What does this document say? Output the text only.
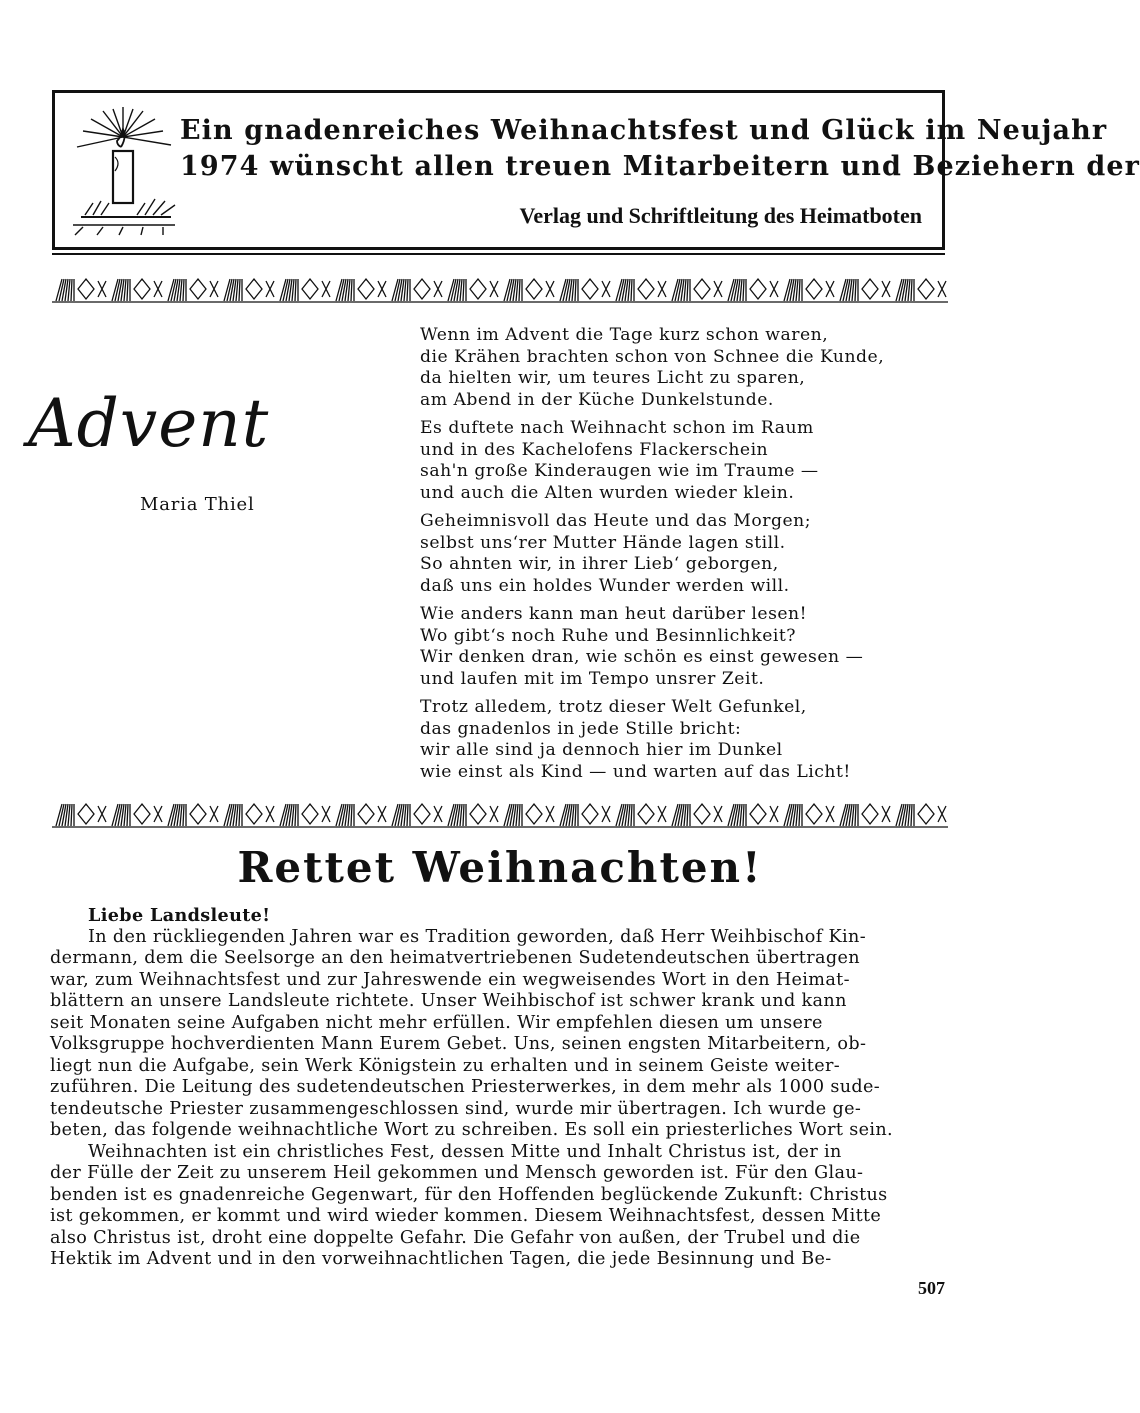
Ein gnadenreiches Weihnachtsfest und Glück im Neujahr
1974 wünscht allen treuen Mitarbeitern und Beziehern der
Verlag und Schriftleitung des Heimatboten
Advent
Maria Thiel
Wenn im Advent die Tage kurz schon waren,
die Krähen brachten schon von Schnee die Kunde,
da hielten wir, um teures Licht zu sparen,
am Abend in der Küche Dunkelstunde.
Es duftete nach Weihnacht schon im Raum
und in des Kachelofens Flackerschein
sah'n große Kinderaugen wie im Traume —
und auch die Alten wurden wieder klein.
Geheimnisvoll das Heute und das Morgen;
selbst uns‘rer Mutter Hände lagen still.
So ahnten wir, in ihrer Lieb‘ geborgen,
daß uns ein holdes Wunder werden will.
Wie anders kann man heut darüber lesen!
Wo gibt‘s noch Ruhe und Besinnlichkeit?
Wir denken dran, wie schön es einst gewesen —
und laufen mit im Tempo unsrer Zeit.
Trotz alledem, trotz dieser Welt Gefunkel,
das gnadenlos in jede Stille bricht:
wir alle sind ja dennoch hier im Dunkel
wie einst als Kind — und warten auf das Licht!
Rettet Weihnachten!
Liebe Landsleute!
In den rückliegenden Jahren war es Tradition geworden, daß Herr Weihbischof Kin-
dermann, dem die Seelsorge an den heimatvertriebenen Sudetendeutschen übertragen
war, zum Weihnachtsfest und zur Jahreswende ein wegweisendes Wort in den Heimat-
blättern an unsere Landsleute richtete. Unser Weihbischof ist schwer krank und kann
seit Monaten seine Aufgaben nicht mehr erfüllen. Wir empfehlen diesen um unsere
Volksgruppe hochverdienten Mann Eurem Gebet. Uns, seinen engsten Mitarbeitern, ob-
liegt nun die Aufgabe, sein Werk Königstein zu erhalten und in seinem Geiste weiter-
zuführen. Die Leitung des sudetendeutschen Priesterwerkes, in dem mehr als 1000 sude-
tendeutsche Priester zusammengeschlossen sind, wurde mir übertragen. Ich wurde ge-
beten, das folgende weihnachtliche Wort zu schreiben. Es soll ein priesterliches Wort sein.
Weihnachten ist ein christliches Fest, dessen Mitte und Inhalt Christus ist, der in
der Fülle der Zeit zu unserem Heil gekommen und Mensch geworden ist. Für den Glau-
benden ist es gnadenreiche Gegenwart, für den Hoffenden beglückende Zukunft: Christus
ist gekommen, er kommt und wird wieder kommen. Diesem Weihnachtsfest, dessen Mitte
also Christus ist, droht eine doppelte Gefahr. Die Gefahr von außen, der Trubel und die
Hektik im Advent und in den vorweihnachtlichen Tagen, die jede Besinnung und Be-
507
